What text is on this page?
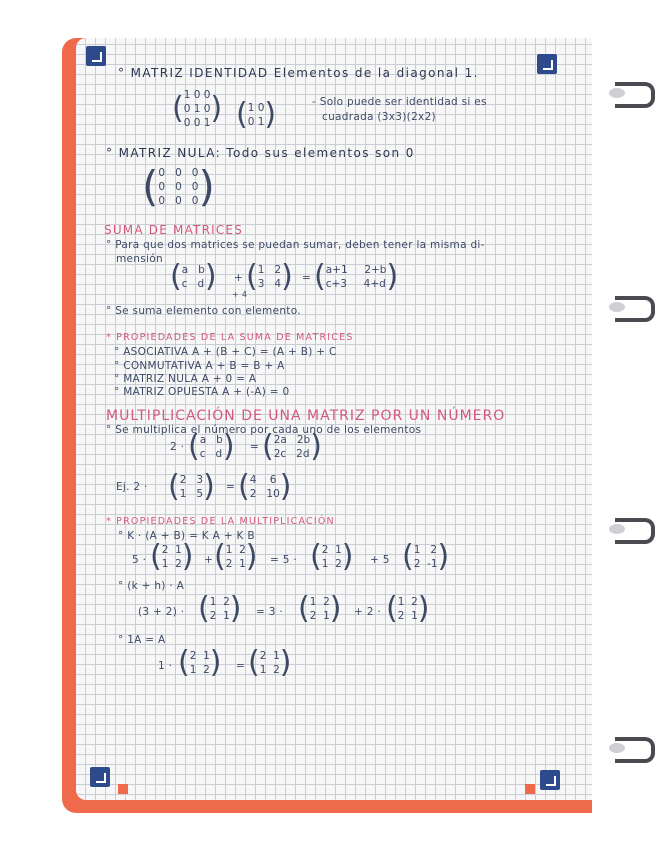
° MATRIZ IDENTIDAD Elementos de la diagonal 1.
(1 0 0
0 1 0
0 0 1) (1 0
0 1)	- Solo puede ser identidad si es
cuadrada (3x3)(2x2)
° MATRIZ NULA: Todo sus elementos son 0
(0   0   0
0   0   0
0   0   0)
SUMA DE MATRICES
° Para que dos matrices se puedan sumar, deben tener la misma di-
mensión (a   b
c   d) + (1   2
3   4) = (a+1     2+b
c+3     4+d)
+ 4
° Se suma elemento con elemento.
* PROPIEDADES DE LA SUMA DE MATRICES
° ASOCIATIVA A + (B + C) = (A + B) + C
° CONMUTATIVA A + B = B + A
° MATRIZ NULA A + 0 = A
° MATRIZ OPUESTA A + (-A) = 0
MULTIPLICACIÓN DE UNA MATRIZ POR UN NÚMERO
° Se multiplica el número por cada uno de los elementos
2 · (a   b
c   d) = (2a   2b
2c   2d)
Ej. 2 · (2   3
1   5) = (4    6
2   10)
* PROPIEDADES DE LA MULTIPLICACIÓN
° K · (A + B) = K A + K B
5 · (2  1
1  2) + (1  2
2  1) = 5 · (2  1
1  2) + 5 (1   2
2  -1)
° (k + h) · A
(3 + 2) · (1  2
2  1) = 3 · (1  2
2  1) + 2 · (1  2
2  1)
° 1A = A
1 · (2  1
1  2) = (2  1
1  2)
